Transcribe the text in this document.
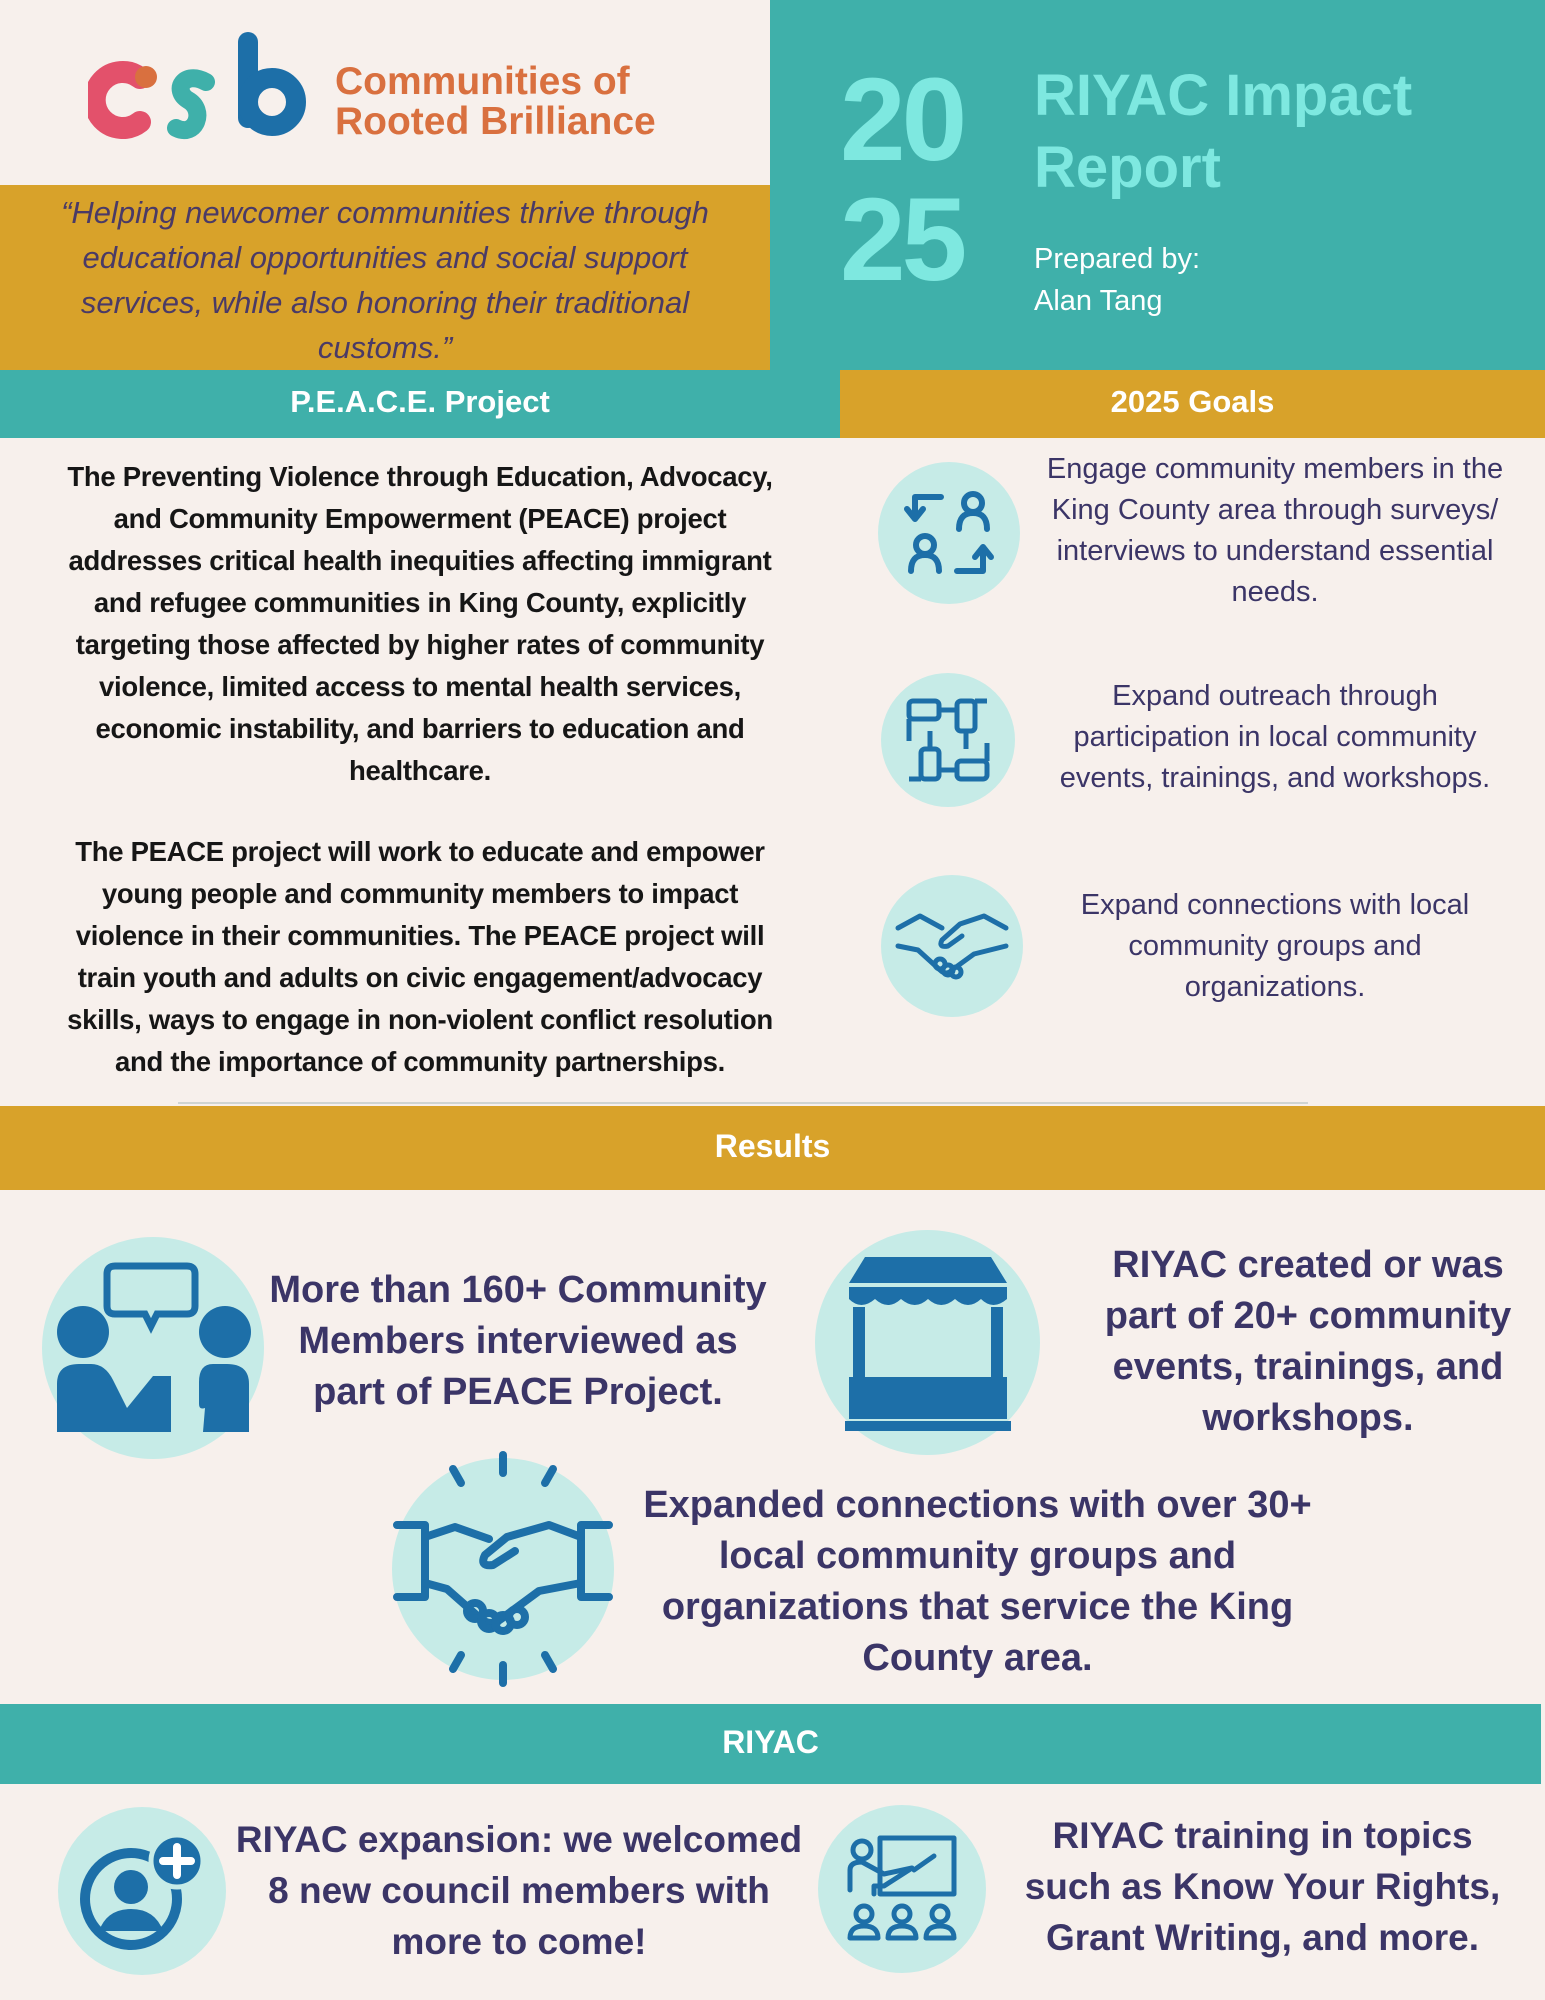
Communities of
Rooted Brilliance
“Helping newcomer communities thrive through educational opportunities and social support services, while also honoring their traditional customs.”
20
25
RIYAC Impact
Report
Prepared by:
Alan Tang
P.E.A.C.E. Project	2025 Goals
The Preventing Violence through Education, Advocacy, and Community Empowerment (PEACE) project addresses critical health inequities affecting immigrant and refugee communities in King County, explicitly targeting those affected by higher rates of community violence, limited access to mental health services, economic instability, and barriers to education and healthcare.
The PEACE project will work to educate and empower young people and community members to impact violence in their communities. The PEACE project will train youth and adults on civic engagement/advocacy skills, ways to engage in non-violent conflict resolution and the importance of community partnerships.
Engage community members in the King County area through surveys/ interviews to understand essential needs.
Expand outreach through participation in local community events, trainings, and workshops.
Expand connections with local community groups and organizations.
Results
More than 160+ Community Members interviewed as part of PEACE Project.
RIYAC created or was part of 20+ community events, trainings, and workshops.
Expanded connections with over 30+ local community groups and organizations that service the King County area.
RIYAC
RIYAC expansion: we welcomed 8 new council members with more to come!
RIYAC training in topics such as Know Your Rights, Grant Writing, and more.
